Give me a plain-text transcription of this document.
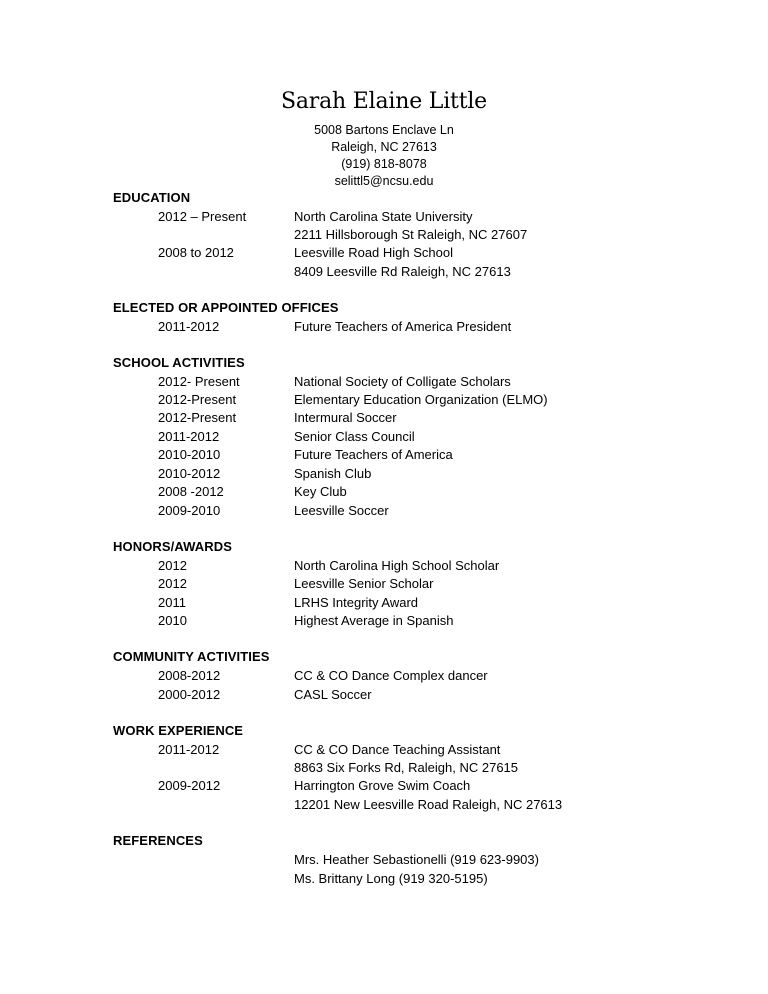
Sarah Elaine Little
5008 Bartons Enclave Ln
Raleigh, NC 27613
(919) 818-8078
selittl5@ncsu.edu
EDUCATION
2012 – Present	North Carolina State University
2211 Hillsborough St Raleigh, NC 27607
2008 to 2012	Leesville Road High School
8409 Leesville Rd Raleigh, NC 27613
ELECTED OR APPOINTED OFFICES
2011-2012	Future Teachers of America President
SCHOOL ACTIVITIES
2012- Present	National Society of Colligate Scholars
2012-Present	Elementary Education Organization (ELMO)
2012-Present	Intermural Soccer
2011-2012	Senior Class Council
2010-2010	Future Teachers of America
2010-2012	Spanish Club
2008 -2012	Key Club
2009-2010	Leesville Soccer
HONORS/AWARDS
2012	North Carolina High School Scholar
2012	Leesville Senior Scholar
2011	LRHS Integrity Award
2010	Highest Average in Spanish
COMMUNITY ACTIVITIES
2008-2012	CC & CO Dance Complex dancer
2000-2012	CASL Soccer
WORK EXPERIENCE
2011-2012	CC & CO Dance Teaching Assistant
8863 Six Forks Rd, Raleigh, NC 27615
2009-2012	Harrington Grove Swim Coach
12201 New Leesville Road Raleigh, NC 27613
REFERENCES
Mrs. Heather Sebastionelli (919 623-9903)
Ms. Brittany Long (919 320-5195)
